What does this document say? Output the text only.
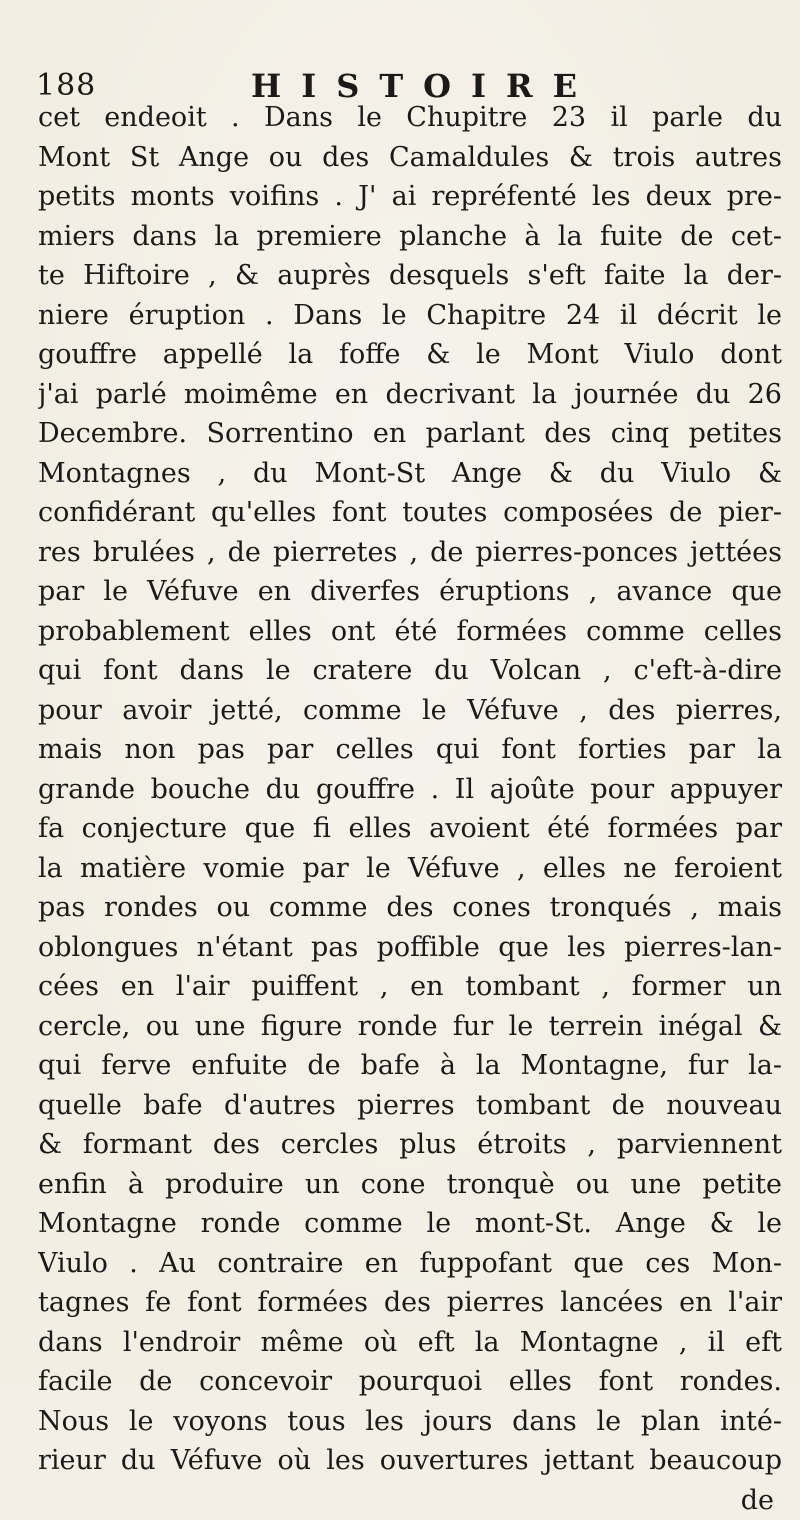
188	HISTOIRE
cet endeoit . Dans le Chupitre 23 il parle du
Mont St Ange ou des Camaldules & trois autres
petits monts voifins . J' ai repréfenté les deux pre-
miers dans la premiere planche à la fuite de cet-
te Hiftoire , & auprès desquels s'eft faite la der-
niere éruption . Dans le Chapitre 24 il décrit le
gouffre appellé la foffe & le Mont Viulo dont
j'ai parlé moimême en decrivant la journée du 26
Decembre. Sorrentino en parlant des cinq petites
Montagnes , du Mont-St Ange & du Viulo &
confidérant qu'elles font toutes composées de pier-
res brulées , de pierretes , de pierres-ponces jettées
par le Véfuve en diverfes éruptions , avance que
probablement elles ont été formées comme celles
qui font dans le cratere du Volcan , c'eft-à-dire
pour avoir jetté, comme le Véfuve , des pierres,
mais non pas par celles qui font forties par la
grande bouche du gouffre . Il ajoûte pour appuyer
fa conjecture que fi elles avoient été formées par
la matière vomie par le Véfuve , elles ne feroient
pas rondes ou comme des cones tronqués , mais
oblongues n'étant pas poffible que les pierres-lan-
cées en l'air puiffent , en tombant , former un
cercle, ou une figure ronde fur le terrein inégal &
qui ferve enfuite de bafe à la Montagne, fur la-
quelle bafe d'autres pierres tombant de nouveau
& formant des cercles plus étroits , parviennent
enfin à produire un cone tronquè ou une petite
Montagne ronde comme le mont-St. Ange & le
Viulo . Au contraire en fuppofant que ces Mon-
tagnes fe font formées des pierres lancées en l'air
dans l'endroir même où eft la Montagne , il eft
facile de concevoir pourquoi elles font rondes.
Nous le voyons tous les jours dans le plan inté-
rieur du Véfuve où les ouvertures jettant beaucoup
de
